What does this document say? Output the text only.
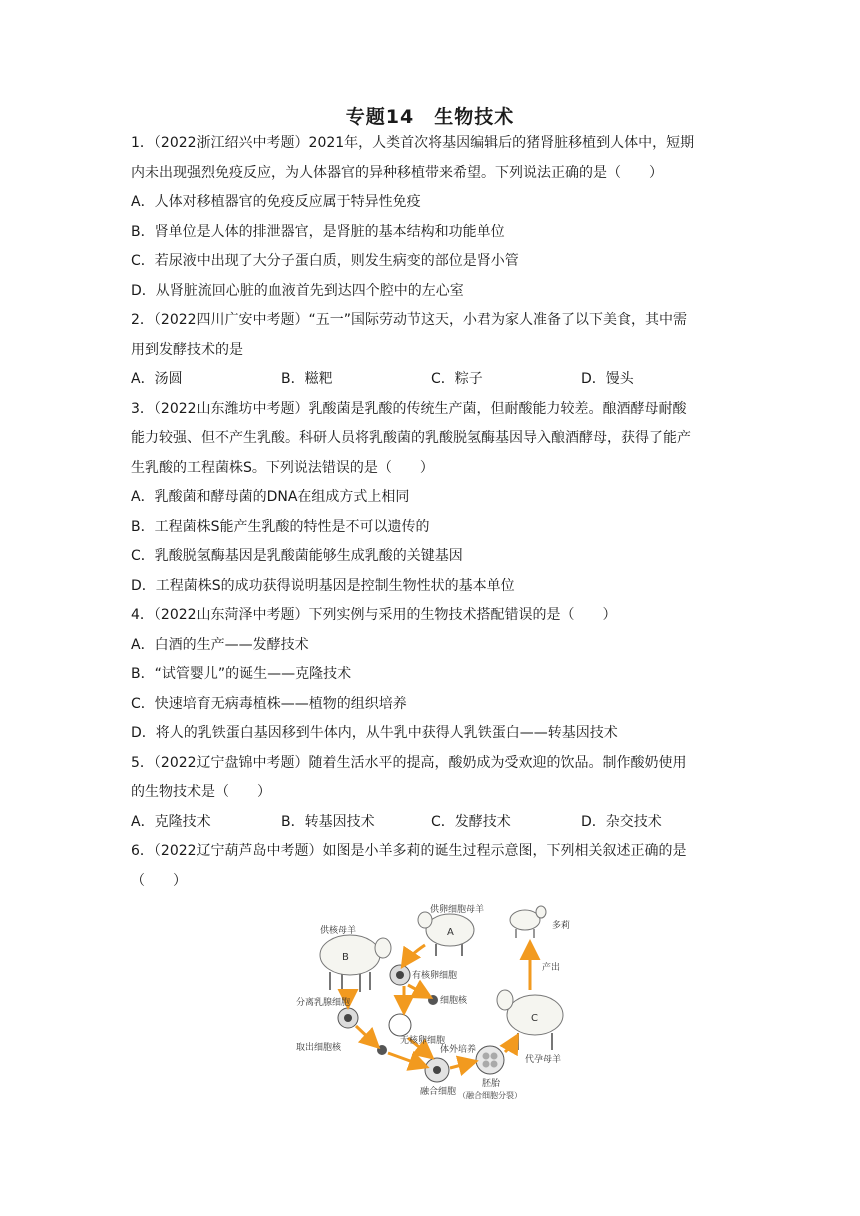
专题14　生物技术
1．（2022浙江绍兴中考题）2021年，人类首次将基因编辑后的猪肾脏移植到人体中，短期
内未出现强烈免疫反应，为人体器官的异种移植带来希望。下列说法正确的是（　　）
A．人体对移植器官的免疫反应属于特异性免疫
B．肾单位是人体的排泄器官，是肾脏的基本结构和功能单位
C．若尿液中出现了大分子蛋白质，则发生病变的部位是肾小管
D．从肾脏流回心脏的血液首先到达四个腔中的左心室
2．（2022四川广安中考题）“五一”国际劳动节这天，小君为家人准备了以下美食，其中需
用到发酵技术的是
A．汤圆	B．糍粑	C．粽子	D．馒头
3．（2022山东潍坊中考题）乳酸菌是乳酸的传统生产菌，但耐酸能力较差。酿酒酵母耐酸
能力较强、但不产生乳酸。科研人员将乳酸菌的乳酸脱氢酶基因导入酿酒酵母，获得了能产
生乳酸的工程菌株S。下列说法错误的是（　　）
A．乳酸菌和酵母菌的DNA在组成方式上相同
B．工程菌株S能产生乳酸的特性是不可以遗传的
C．乳酸脱氢酶基因是乳酸菌能够生成乳酸的关键基因
D．工程菌株S的成功获得说明基因是控制生物性状的基本单位
4．（2022山东菏泽中考题）下列实例与采用的生物技术搭配错误的是（　　）
A．白酒的生产——发酵技术
B．“试管婴儿”的诞生——克隆技术
C．快速培育无病毒植株——植物的组织培养
D．将人的乳铁蛋白基因移到牛体内，从牛乳中获得人乳铁蛋白——转基因技术
5．（2022辽宁盘锦中考题）随着生活水平的提高，酸奶成为受欢迎的饮品。制作酸奶使用
的生物技术是（　　）
A．克隆技术	B．转基因技术	C．发酵技术	D．杂交技术
6．（2022辽宁葫芦岛中考题）如图是小羊多莉的诞生过程示意图，下列相关叙述正确的是
（　　）
B
供核母羊	A
供卵细胞母羊
多莉
C
代孕母羊
分离乳腺细胞
有核卵细胞
细胞核
无核卵细胞
取出细胞核	体外培养
胚胎
（融合细胞分裂）
融合细胞
产出
